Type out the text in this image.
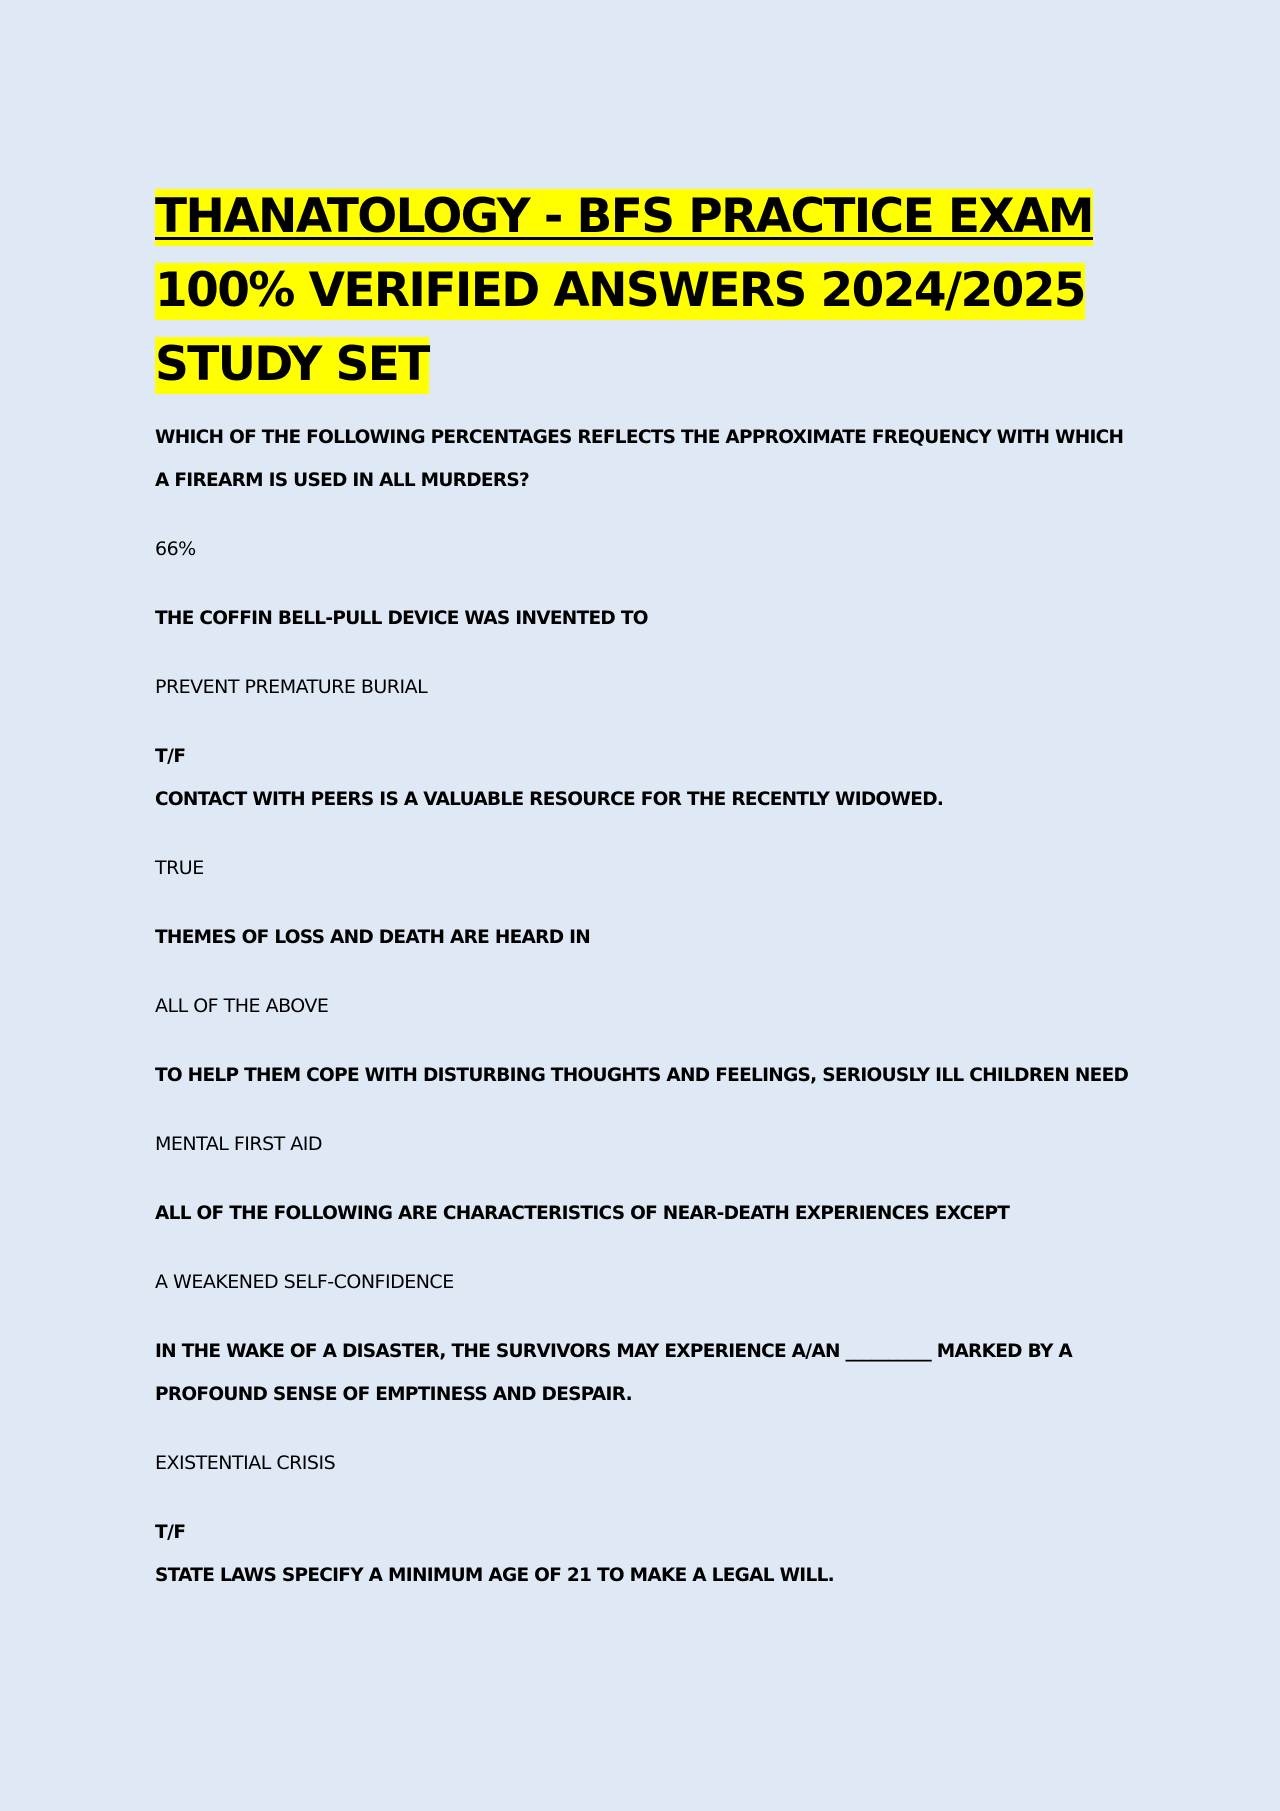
THANATOLOGY - BFS PRACTICE EXAM
100% VERIFIED ANSWERS 2024/2025
STUDY SET

WHICH OF THE FOLLOWING PERCENTAGES REFLECTS THE APPROXIMATE FREQUENCY WITH WHICH A FIREARM IS USED IN ALL MURDERS?

66%

THE COFFIN BELL-PULL DEVICE WAS INVENTED TO

PREVENT PREMATURE BURIAL

T/F

CONTACT WITH PEERS IS A VALUABLE RESOURCE FOR THE RECENTLY WIDOWED.

TRUE

THEMES OF LOSS AND DEATH ARE HEARD IN

ALL OF THE ABOVE

TO HELP THEM COPE WITH DISTURBING THOUGHTS AND FEELINGS, SERIOUSLY ILL CHILDREN NEED

MENTAL FIRST AID

ALL OF THE FOLLOWING ARE CHARACTERISTICS OF NEAR-DEATH EXPERIENCES EXCEPT

A WEAKENED SELF-CONFIDENCE

IN THE WAKE OF A DISASTER, THE SURVIVORS MAY EXPERIENCE A/AN __________ MARKED BY A PROFOUND SENSE OF EMPTINESS AND DESPAIR.

EXISTENTIAL CRISIS

T/F

STATE LAWS SPECIFY A MINIMUM AGE OF 21 TO MAKE A LEGAL WILL.
